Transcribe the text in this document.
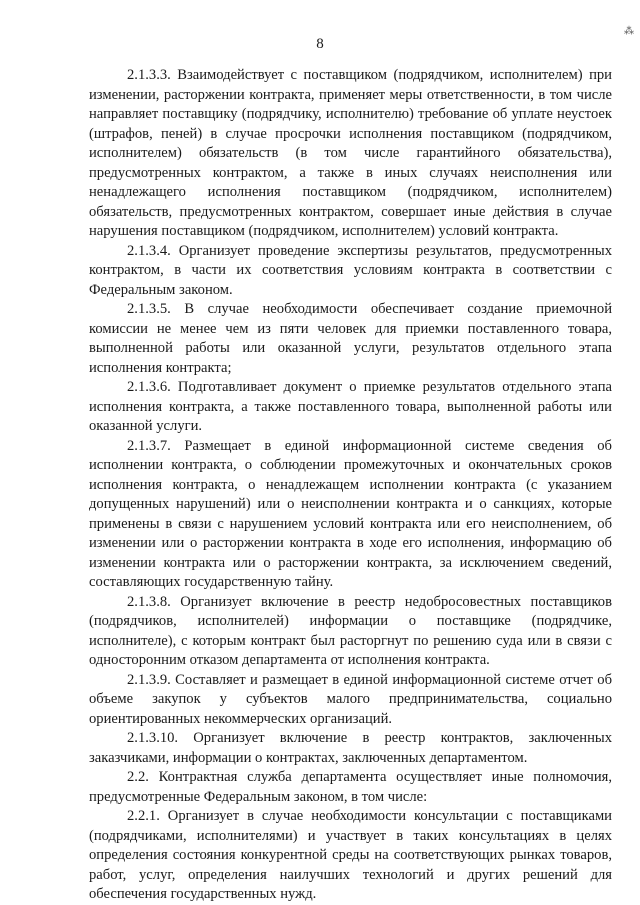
8
⁂

2.1.3.3. Взаимодействует с поставщиком (подрядчиком, исполнителем) при изменении, расторжении контракта, применяет меры ответственности, в том числе направляет поставщику (подрядчику, исполнителю) требование об уплате неустоек (штрафов, пеней) в случае просрочки исполнения поставщиком (подрядчиком, исполнителем) обязательств (в том числе гарантийного обязательства), предусмотренных контрактом, а также в иных случаях неисполнения или ненадлежащего исполнения поставщиком (подрядчиком, исполнителем) обязательств, предусмотренных контрактом, совершает иные действия в случае нарушения поставщиком (подрядчиком, исполнителем) условий контракта.

2.1.3.4. Организует проведение экспертизы результатов, предусмотренных контрактом, в части их соответствия условиям контракта в соответствии с Федеральным законом.

2.1.3.5. В случае необходимости обеспечивает создание приемочной комиссии не менее чем из пяти человек для приемки поставленного товара, выполненной работы или оказанной услуги, результатов отдельного этапа исполнения контракта;

2.1.3.6. Подготавливает документ о приемке результатов отдельного этапа исполнения контракта, а также поставленного товара, выполненной работы или оказанной услуги.

2.1.3.7. Размещает в единой информационной системе сведения об исполнении контракта, о соблюдении промежуточных и окончательных сроков исполнения контракта, о ненадлежащем исполнении контракта (с указанием допущенных нарушений) или о неисполнении контракта и о санкциях, которые применены в связи с нарушением условий контракта или его неисполнением, об изменении или о расторжении контракта в ходе его исполнения, информацию об изменении контракта или о расторжении контракта, за исключением сведений, составляющих государственную тайну.

2.1.3.8. Организует включение в реестр недобросовестных поставщиков (подрядчиков, исполнителей) информации о поставщике (подрядчике, исполнителе), с которым контракт был расторгнут по решению суда или в связи с односторонним отказом департамента от исполнения контракта.

2.1.3.9. Составляет и размещает в единой информационной системе отчет об объеме закупок у субъектов малого предпринимательства, социально ориентированных некоммерческих организаций.

2.1.3.10. Организует включение в реестр контрактов, заключенных заказчиками, информации о контрактах, заключенных департаментом.

2.2. Контрактная служба департамента осуществляет иные полномочия, предусмотренные Федеральным законом, в том числе:

2.2.1. Организует в случае необходимости консультации с поставщиками (подрядчиками, исполнителями) и участвует в таких консультациях в целях определения состояния конкурентной среды на соответствующих рынках товаров, работ, услуг, определения наилучших технологий и других решений для обеспечения государственных нужд.
